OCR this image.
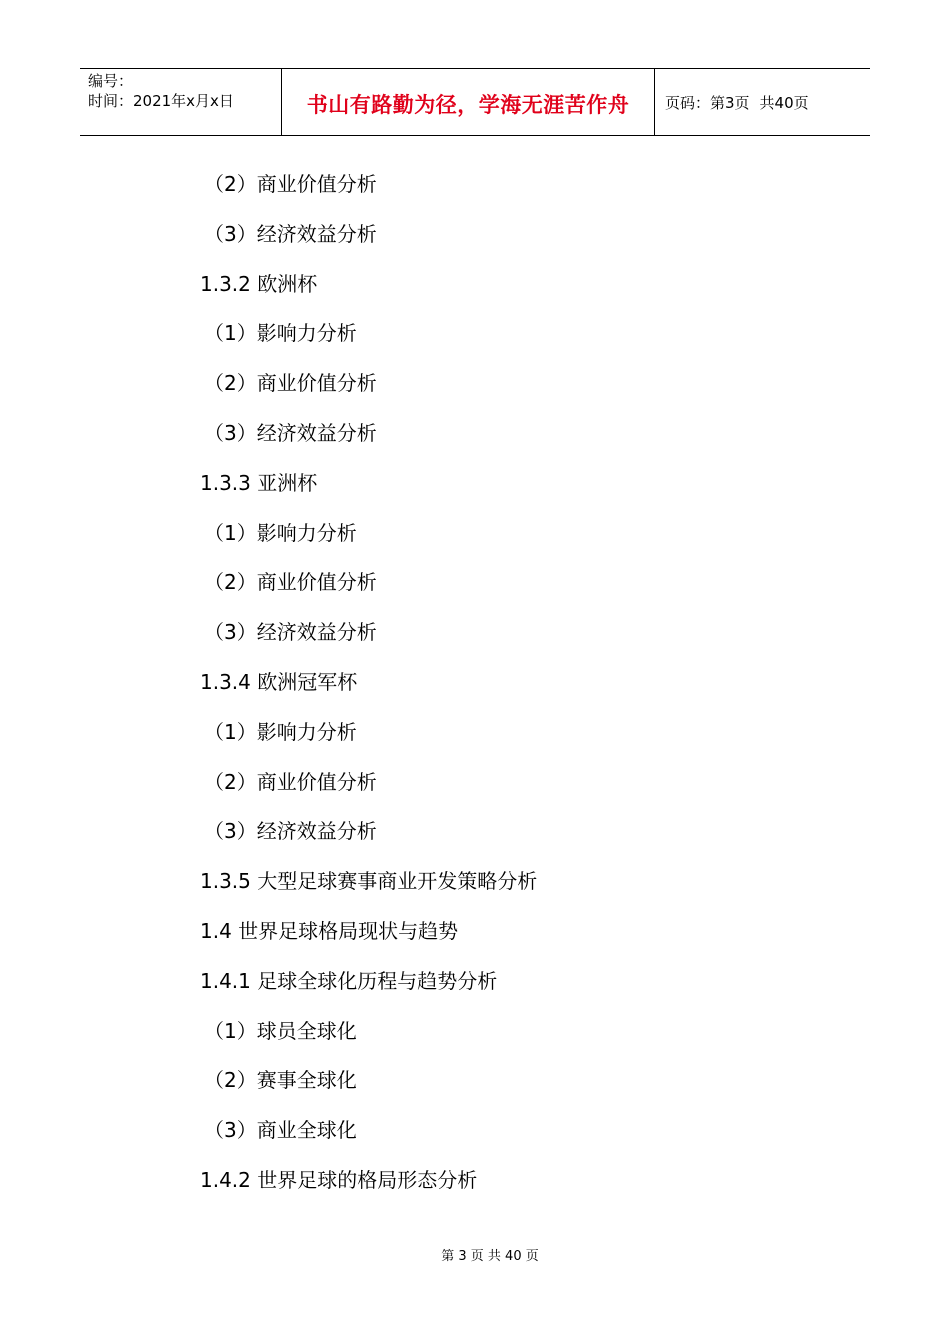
编号：
时间：2021年x月x日	书山有路勤为径，学海无涯苦作舟	页码：第3页 共40页
（2）商业价值分析
（3）经济效益分析
1.3.2 欧洲杯
（1）影响力分析
（2）商业价值分析
（3）经济效益分析
1.3.3 亚洲杯
（1）影响力分析
（2）商业价值分析
（3）经济效益分析
1.3.4 欧洲冠军杯
（1）影响力分析
（2）商业价值分析
（3）经济效益分析
1.3.5 大型足球赛事商业开发策略分析
1.4 世界足球格局现状与趋势
1.4.1 足球全球化历程与趋势分析
（1）球员全球化
（2）赛事全球化
（3）商业全球化
1.4.2 世界足球的格局形态分析
第 3 页 共 40 页
